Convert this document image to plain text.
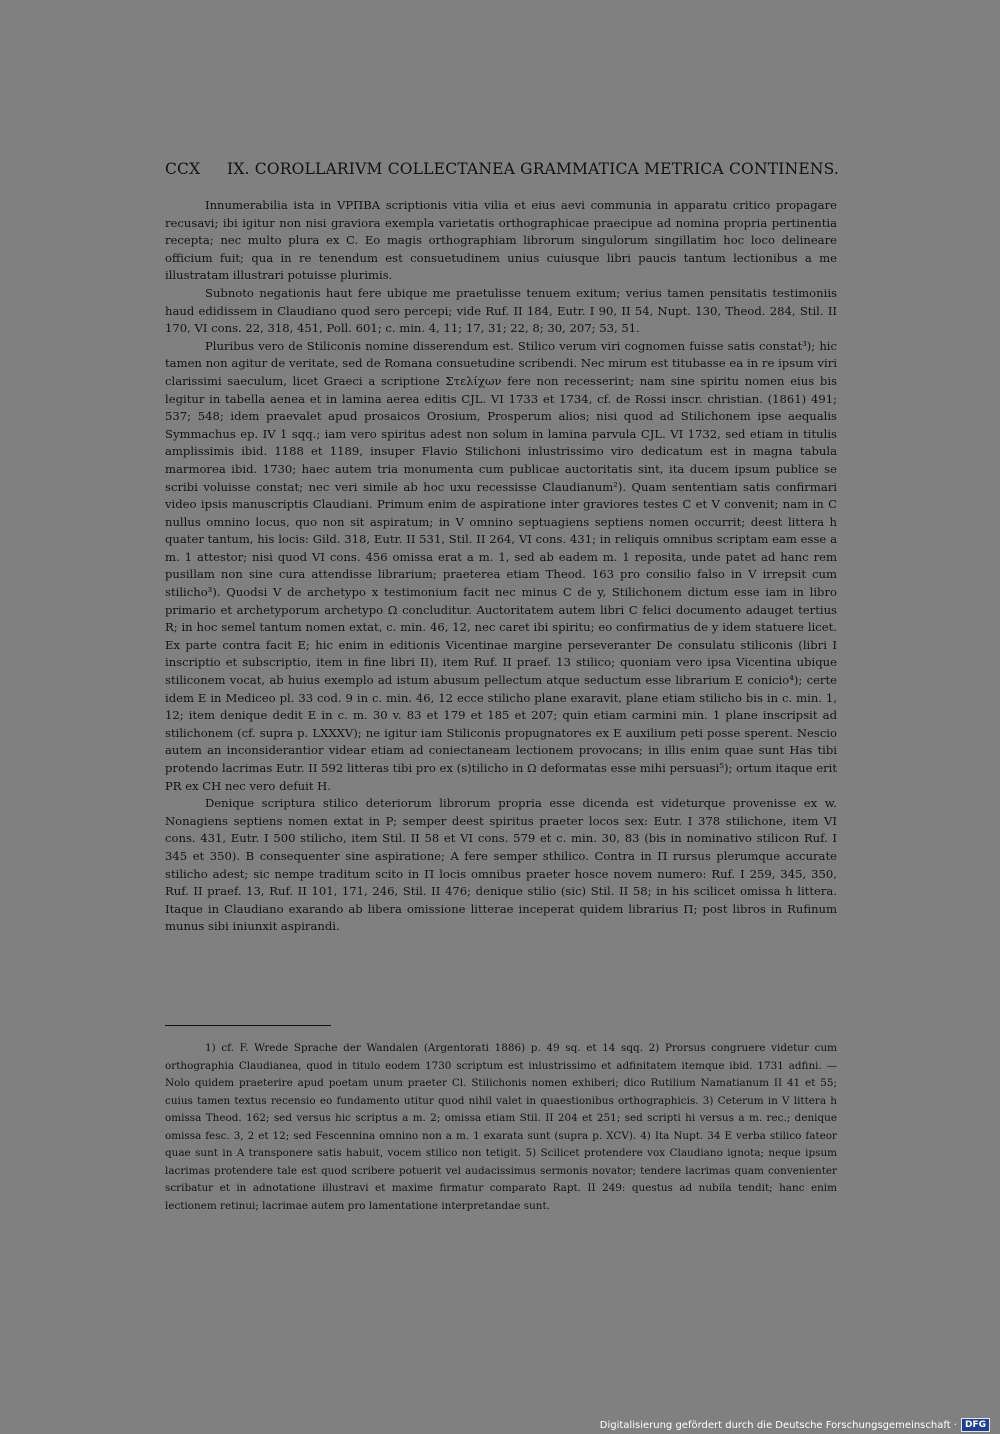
CCX IX. COROLLARIVM COLLECTANEA GRAMMATICA METRICA CONTINENS.

Innumerabilia ista in VPΠBA scriptionis vitia vilia et eius aevi communia in apparatu critico propagare recusavi; ibi igitur non nisi graviora exempla varietatis orthographicae praecipue ad nomina propria pertinentia recepta; nec multo plura ex C. Eo magis orthographiam librorum singulorum singillatim hoc loco delineare officium fuit; qua in re tenendum est consuetudinem unius cuiusque libri paucis tantum lectionibus a me illustratam illustrari potuisse plurimis.

Subnoto negationis haut fere ubique me praetulisse tenuem exitum; verius tamen pensitatis testimoniis haud edidissem in Claudiano quod sero percepi; vide Ruf. II 184, Eutr. I 90, II 54, Nupt. 130, Theod. 284, Stil. II 170, VI cons. 22, 318, 451, Poll. 601; c. min. 4, 11; 17, 31; 22, 8; 30, 207; 53, 51.

Pluribus vero de Stiliconis nomine disserendum est. Stilico verum viri cognomen fuisse satis constat³); hic tamen non agitur de veritate, sed de Romana consuetudine scribendi. Nec mirum est titubasse ea in re ipsum viri clarissimi saeculum, licet Graeci a scriptione Στελίχων fere non recesserint; nam sine spiritu nomen eius bis legitur in tabella aenea et in lamina aerea editis CJL. VI 1733 et 1734, cf. de Rossi inscr. christian. (1861) 491; 537; 548; idem praevalet apud prosaicos Orosium, Prosperum alios; nisi quod ad Stilichonem ipse aequalis Symmachus ep. IV 1 sqq.; iam vero spiritus adest non solum in lamina parvula CJL. VI 1732, sed etiam in titulis amplissimis ibid. 1188 et 1189, insuper Flavio Stilichoni inlustrissimo viro dedicatum est in magna tabula marmorea ibid. 1730; haec autem tria monumenta cum publicae auctoritatis sint, ita ducem ipsum publice se scribi voluisse constat; nec veri simile ab hoc uxu recessisse Claudianum²). Quam sententiam satis confirmari video ipsis manuscriptis Claudiani. Primum enim de aspiratione inter graviores testes C et V convenit; nam in C nullus omnino locus, quo non sit aspiratum; in V omnino septuagiens septiens nomen occurrit; deest littera h quater tantum, his locis: Gild. 318, Eutr. II 531, Stil. II 264, VI cons. 431; in reliquis omnibus scriptam eam esse a m. 1 attestor; nisi quod VI cons. 456 omissa erat a m. 1, sed ab eadem m. 1 reposita, unde patet ad hanc rem pusillam non sine cura attendisse librarium; praeterea etiam Theod. 163 pro consilio falso in V irrepsit cum stilicho³). Quodsi V de archetypo x testimonium facit nec minus C de y, Stilichonem dictum esse iam in libro primario et archetyporum archetypo Ω concluditur. Auctoritatem autem libri C felici documento adauget tertius R; in hoc semel tantum nomen extat, c. min. 46, 12, nec caret ibi spiritu; eo confirmatius de y idem statuere licet. Ex parte contra facit E; hic enim in editionis Vicentinae margine perseveranter De consulatu stiliconis (libri I inscriptio et subscriptio, item in fine libri II), item Ruf. II praef. 13 stilico; quoniam vero ipsa Vicentina ubique stiliconem vocat, ab huius exemplo ad istum abusum pellectum atque seductum esse librarium E conicio⁴); certe idem E in Mediceo pl. 33 cod. 9 in c. min. 46, 12 ecce stilicho plane exaravit, plane etiam stilicho bis in c. min. 1, 12; item denique dedit E in c. m. 30 v. 83 et 179 et 185 et 207; quin etiam carmini min. 1 plane inscripsit ad stilichonem (cf. supra p. LXXXV); ne igitur iam Stiliconis propugnatores ex E auxilium peti posse sperent. Nescio autem an inconsiderantior videar etiam ad coniectaneam lectionem provocans; in illis enim quae sunt Has tibi protendo lacrimas Eutr. II 592 litteras tibi pro ex (s)tilicho in Ω deformatas esse mihi persuasi⁵); ortum itaque erit PR ex CH nec vero defuit H.

Denique scriptura stilico deteriorum librorum propria esse dicenda est videturque provenisse ex w. Nonagiens septiens nomen extat in P; semper deest spiritus praeter locos sex: Eutr. I 378 stilichone, item VI cons. 431, Eutr. I 500 stilicho, item Stil. II 58 et VI cons. 579 et c. min. 30, 83 (bis in nominativo stilicon Ruf. I 345 et 350). B consequenter sine aspiratione; A fere semper sthilico. Contra in Π rursus plerumque accurate stilicho adest; sic nempe traditum scito in Π locis omnibus praeter hosce novem numero: Ruf. I 259, 345, 350, Ruf. II praef. 13, Ruf. II 101, 171, 246, Stil. II 476; denique stilio (sic) Stil. II 58; in his scilicet omissa h littera. Itaque in Claudiano exarando ab libera omissione litterae inceperat quidem librarius Π; post libros in Rufinum munus sibi iniunxit aspirandi.

1) cf. F. Wrede Sprache der Wandalen (Argentorati 1886) p. 49 sq. et 14 sqq. 2) Prorsus congruere videtur cum orthographia Claudianea, quod in titulo eodem 1730 scriptum est inlustrissimo et adfinitatem itemque ibid. 1731 adfini. — Nolo quidem praeterire apud poetam unum praeter Cl. Stilichonis nomen exhiberi; dico Rutilium Namatianum II 41 et 55; cuius tamen textus recensio eo fundamento utitur quod nihil valet in quaestionibus orthographicis. 3) Ceterum in V littera h omissa Theod. 162; sed versus hic scriptus a m. 2; omissa etiam Stil. II 204 et 251; sed scripti hi versus a m. rec.; denique omissa fesc. 3, 2 et 12; sed Fescennina omnino non a m. 1 exarata sunt (supra p. XCV). 4) Ita Nupt. 34 E verba stilico fateor quae sunt in A transponere satis habuit, vocem stilico non tetigit. 5) Scilicet protendere vox Claudiano ignota; neque ipsum lacrimas protendere tale est quod scribere potuerit vel audacissimus sermonis novator; tendere lacrimas quam convenienter scribatur et in adnotatione illustravi et maxime firmatur comparato Rapt. II 249: questus ad nubila tendit; hanc enim lectionem retinui; lacrimae autem pro lamentatione interpretandae sunt.

Digitalisierung gefördert durch die Deutsche Forschungsgemeinschaft · DFG
